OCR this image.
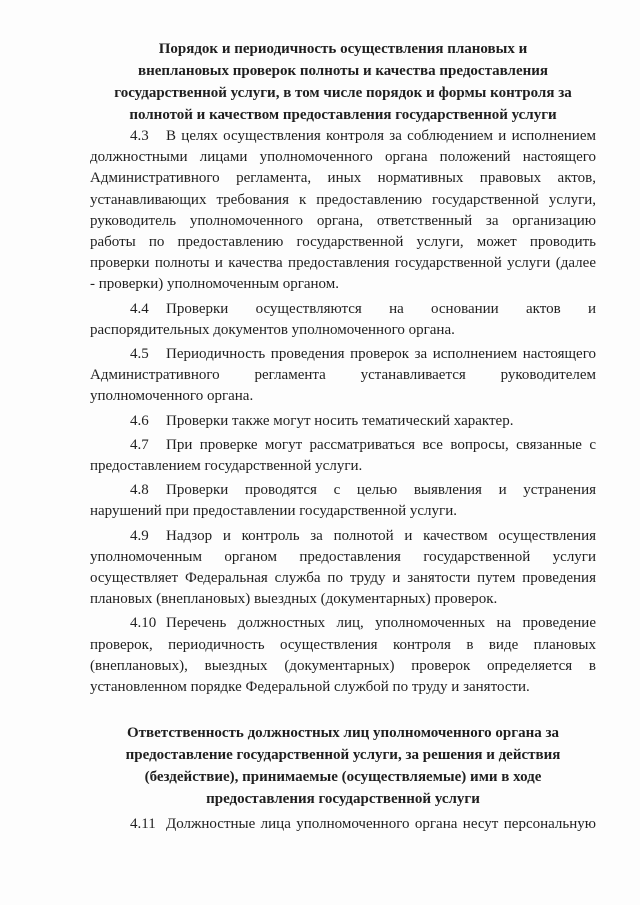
Порядок и периодичность осуществления плановых и
внеплановых проверок полноты и качества предоставления
государственной услуги, в том числе порядок и формы контроля за
полнотой и качеством предоставления государственной услуги

4.3 В целях осуществления контроля за соблюдением и исполнением
должностными лицами уполномоченного органа положений настоящего
Административного регламента, иных нормативных правовых актов,
устанавливающих требования к предоставлению государственной услуги,
руководитель уполномоченного органа, ответственный за организацию
работы по предоставлению государственной услуги, может проводить
проверки полноты и качества предоставления государственной услуги (далее
- проверки) уполномоченным органом.

4.4 Проверки осуществляются на основании актов и
распорядительных документов уполномоченного органа.

4.5 Периодичность проведения проверок за исполнением настоящего
Административного регламента устанавливается руководителем
уполномоченного органа.

4.6 Проверки также могут носить тематический характер.

4.7 При проверке могут рассматриваться все вопросы, связанные с
предоставлением государственной услуги.

4.8 Проверки проводятся с целью выявления и устранения
нарушений при предоставлении государственной услуги.

4.9 Надзор и контроль за полнотой и качеством осуществления
уполномоченным органом предоставления государственной услуги
осуществляет Федеральная служба по труду и занятости путем проведения
плановых (внеплановых) выездных (документарных) проверок.

4.10 Перечень должностных лиц, уполномоченных на проведение
проверок, периодичность осуществления контроля в виде плановых
(внеплановых), выездных (документарных) проверок определяется в
установленном порядке Федеральной службой по труду и занятости.

Ответственность должностных лиц уполномоченного органа за
предоставление государственной услуги, за решения и действия
(бездействие), принимаемые (осуществляемые) ими в ходе
предоставления государственной услуги

4.11 Должностные лица уполномоченного органа несут персональную
